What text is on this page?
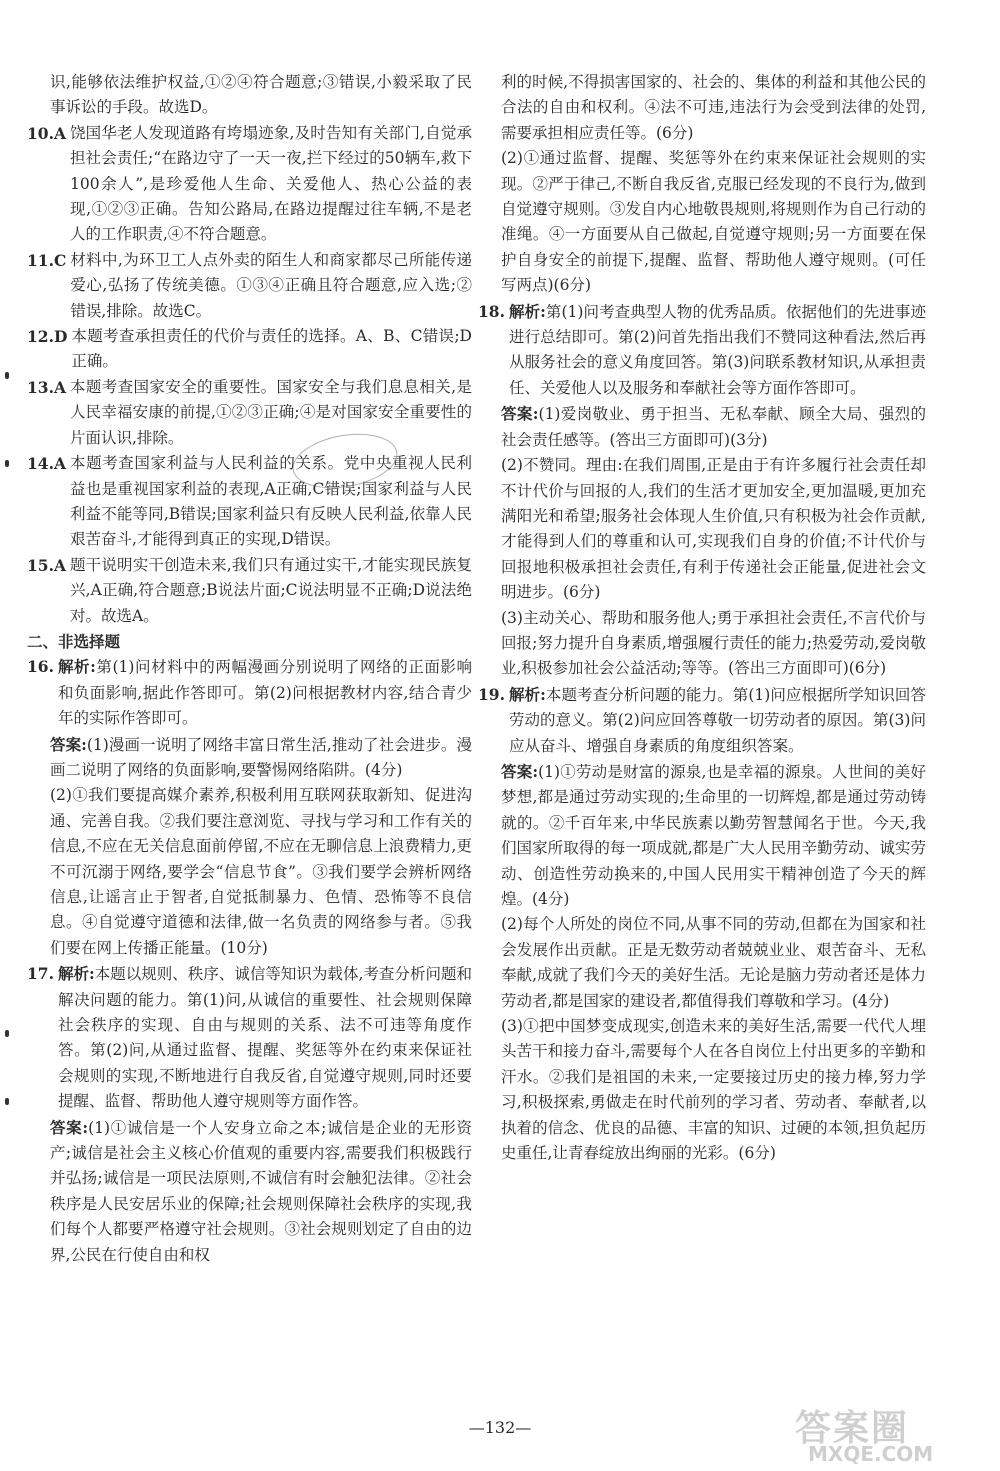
识,能够依法维护权益,①②④符合题意;③错误,小毅采取了民事诉讼的手段。故选D。

10.A 饶国华老人发现道路有垮塌迹象,及时告知有关部门,自觉承担社会责任;“在路边守了一天一夜,拦下经过的50辆车,救下100余人”,是珍爱他人生命、关爱他人、热心公益的表现,①②③正确。告知公路局,在路边提醒过往车辆,不是老人的工作职责,④不符合题意。
11.C 材料中,为环卫工人点外卖的陌生人和商家都尽己所能传递爱心,弘扬了传统美德。①③④正确且符合题意,应入选;②错误,排除。故选C。
12.D 本题考查承担责任的代价与责任的选择。A、B、C错误;D正确。
13.A 本题考查国家安全的重要性。国家安全与我们息息相关,是人民幸福安康的前提,①②③正确;④是对国家安全重要性的片面认识,排除。
14.A 本题考查国家利益与人民利益的关系。党中央重视人民利益也是重视国家利益的表现,A正确,C错误;国家利益与人民利益不能等同,B错误;国家利益只有反映人民利益,依靠人民艰苦奋斗,才能得到真正的实现,D错误。
15.A 题干说明实干创造未来,我们只有通过实干,才能实现民族复兴,A正确,符合题意;B说法片面;C说法明显不正确;D说法绝对。故选A。

二、非选择题

16. 解析:第(1)问材料中的两幅漫画分别说明了网络的正面影响和负面影响,据此作答即可。第(2)问根据教材内容,结合青少年的实际作答即可。

答案:(1)漫画一说明了网络丰富日常生活,推动了社会进步。漫画二说明了网络的负面影响,要警惕网络陷阱。(4分)

(2)①我们要提高媒介素养,积极利用互联网获取新知、促进沟通、完善自我。②我们要注意浏览、寻找与学习和工作有关的信息,不应在无关信息面前停留,不应在无聊信息上浪费精力,更不可沉溺于网络,要学会“信息节食”。③我们要学会辨析网络信息,让谣言止于智者,自觉抵制暴力、色情、恐怖等不良信息。④自觉遵守道德和法律,做一名负责的网络参与者。⑤我们要在网上传播正能量。(10分)

17. 解析:本题以规则、秩序、诚信等知识为载体,考查分析问题和解决问题的能力。第(1)问,从诚信的重要性、社会规则保障社会秩序的实现、自由与规则的关系、法不可违等角度作答。第(2)问,从通过监督、提醒、奖惩等外在约束来保证社会规则的实现,不断地进行自我反省,自觉遵守规则,同时还要提醒、监督、帮助他人遵守规则等方面作答。

答案:(1)①诚信是一个人安身立命之本;诚信是企业的无形资产;诚信是社会主义核心价值观的重要内容,需要我们积极践行并弘扬;诚信是一项民法原则,不诚信有时会触犯法律。②社会秩序是人民安居乐业的保障;社会规则保障社会秩序的实现,我们每个人都要严格遵守社会规则。③社会规则划定了自由的边界,公民在行使自由和权

利的时候,不得损害国家的、社会的、集体的利益和其他公民的合法的自由和权利。④法不可违,违法行为会受到法律的处罚,需要承担相应责任等。(6分)

(2)①通过监督、提醒、奖惩等外在约束来保证社会规则的实现。②严于律己,不断自我反省,克服已经发现的不良行为,做到自觉遵守规则。③发自内心地敬畏规则,将规则作为自己行动的准绳。④一方面要从自己做起,自觉遵守规则;另一方面要在保护自身安全的前提下,提醒、监督、帮助他人遵守规则。(可任写两点)(6分)

18. 解析:第(1)问考查典型人物的优秀品质。依据他们的先进事迹进行总结即可。第(2)问首先指出我们不赞同这种看法,然后再从服务社会的意义角度回答。第(3)问联系教材知识,从承担责任、关爱他人以及服务和奉献社会等方面作答即可。

答案:(1)爱岗敬业、勇于担当、无私奉献、顾全大局、强烈的社会责任感等。(答出三方面即可)(3分)

(2)不赞同。理由:在我们周围,正是由于有许多履行社会责任却不计代价与回报的人,我们的生活才更加安全,更加温暖,更加充满阳光和希望;服务社会体现人生价值,只有积极为社会作贡献,才能得到人们的尊重和认可,实现我们自身的价值;不计代价与回报地积极承担社会责任,有利于传递社会正能量,促进社会文明进步。(6分)

(3)主动关心、帮助和服务他人;勇于承担社会责任,不言代价与回报;努力提升自身素质,增强履行责任的能力;热爱劳动,爱岗敬业,积极参加社会公益活动;等等。(答出三方面即可)(6分)

19. 解析:本题考查分析问题的能力。第(1)问应根据所学知识回答劳动的意义。第(2)问应回答尊敬一切劳动者的原因。第(3)问应从奋斗、增强自身素质的角度组织答案。

答案:(1)①劳动是财富的源泉,也是幸福的源泉。人世间的美好梦想,都是通过劳动实现的;生命里的一切辉煌,都是通过劳动铸就的。②千百年来,中华民族素以勤劳智慧闻名于世。今天,我们国家所取得的每一项成就,都是广大人民用辛勤劳动、诚实劳动、创造性劳动换来的,中国人民用实干精神创造了今天的辉煌。(4分)

(2)每个人所处的岗位不同,从事不同的劳动,但都在为国家和社会发展作出贡献。正是无数劳动者兢兢业业、艰苦奋斗、无私奉献,成就了我们今天的美好生活。无论是脑力劳动者还是体力劳动者,都是国家的建设者,都值得我们尊敬和学习。(4分)

(3)①把中国梦变成现实,创造未来的美好生活,需要一代代人埋头苦干和接力奋斗,需要每个人在各自岗位上付出更多的辛勤和汗水。②我们是祖国的未来,一定要接过历史的接力棒,努力学习,积极探索,勇做走在时代前列的学习者、劳动者、奉献者,以执着的信念、优良的品德、丰富的知识、过硬的本领,担负起历史重任,让青春绽放出绚丽的光彩。(6分)

—132—	答案圈
MXQE.COM
